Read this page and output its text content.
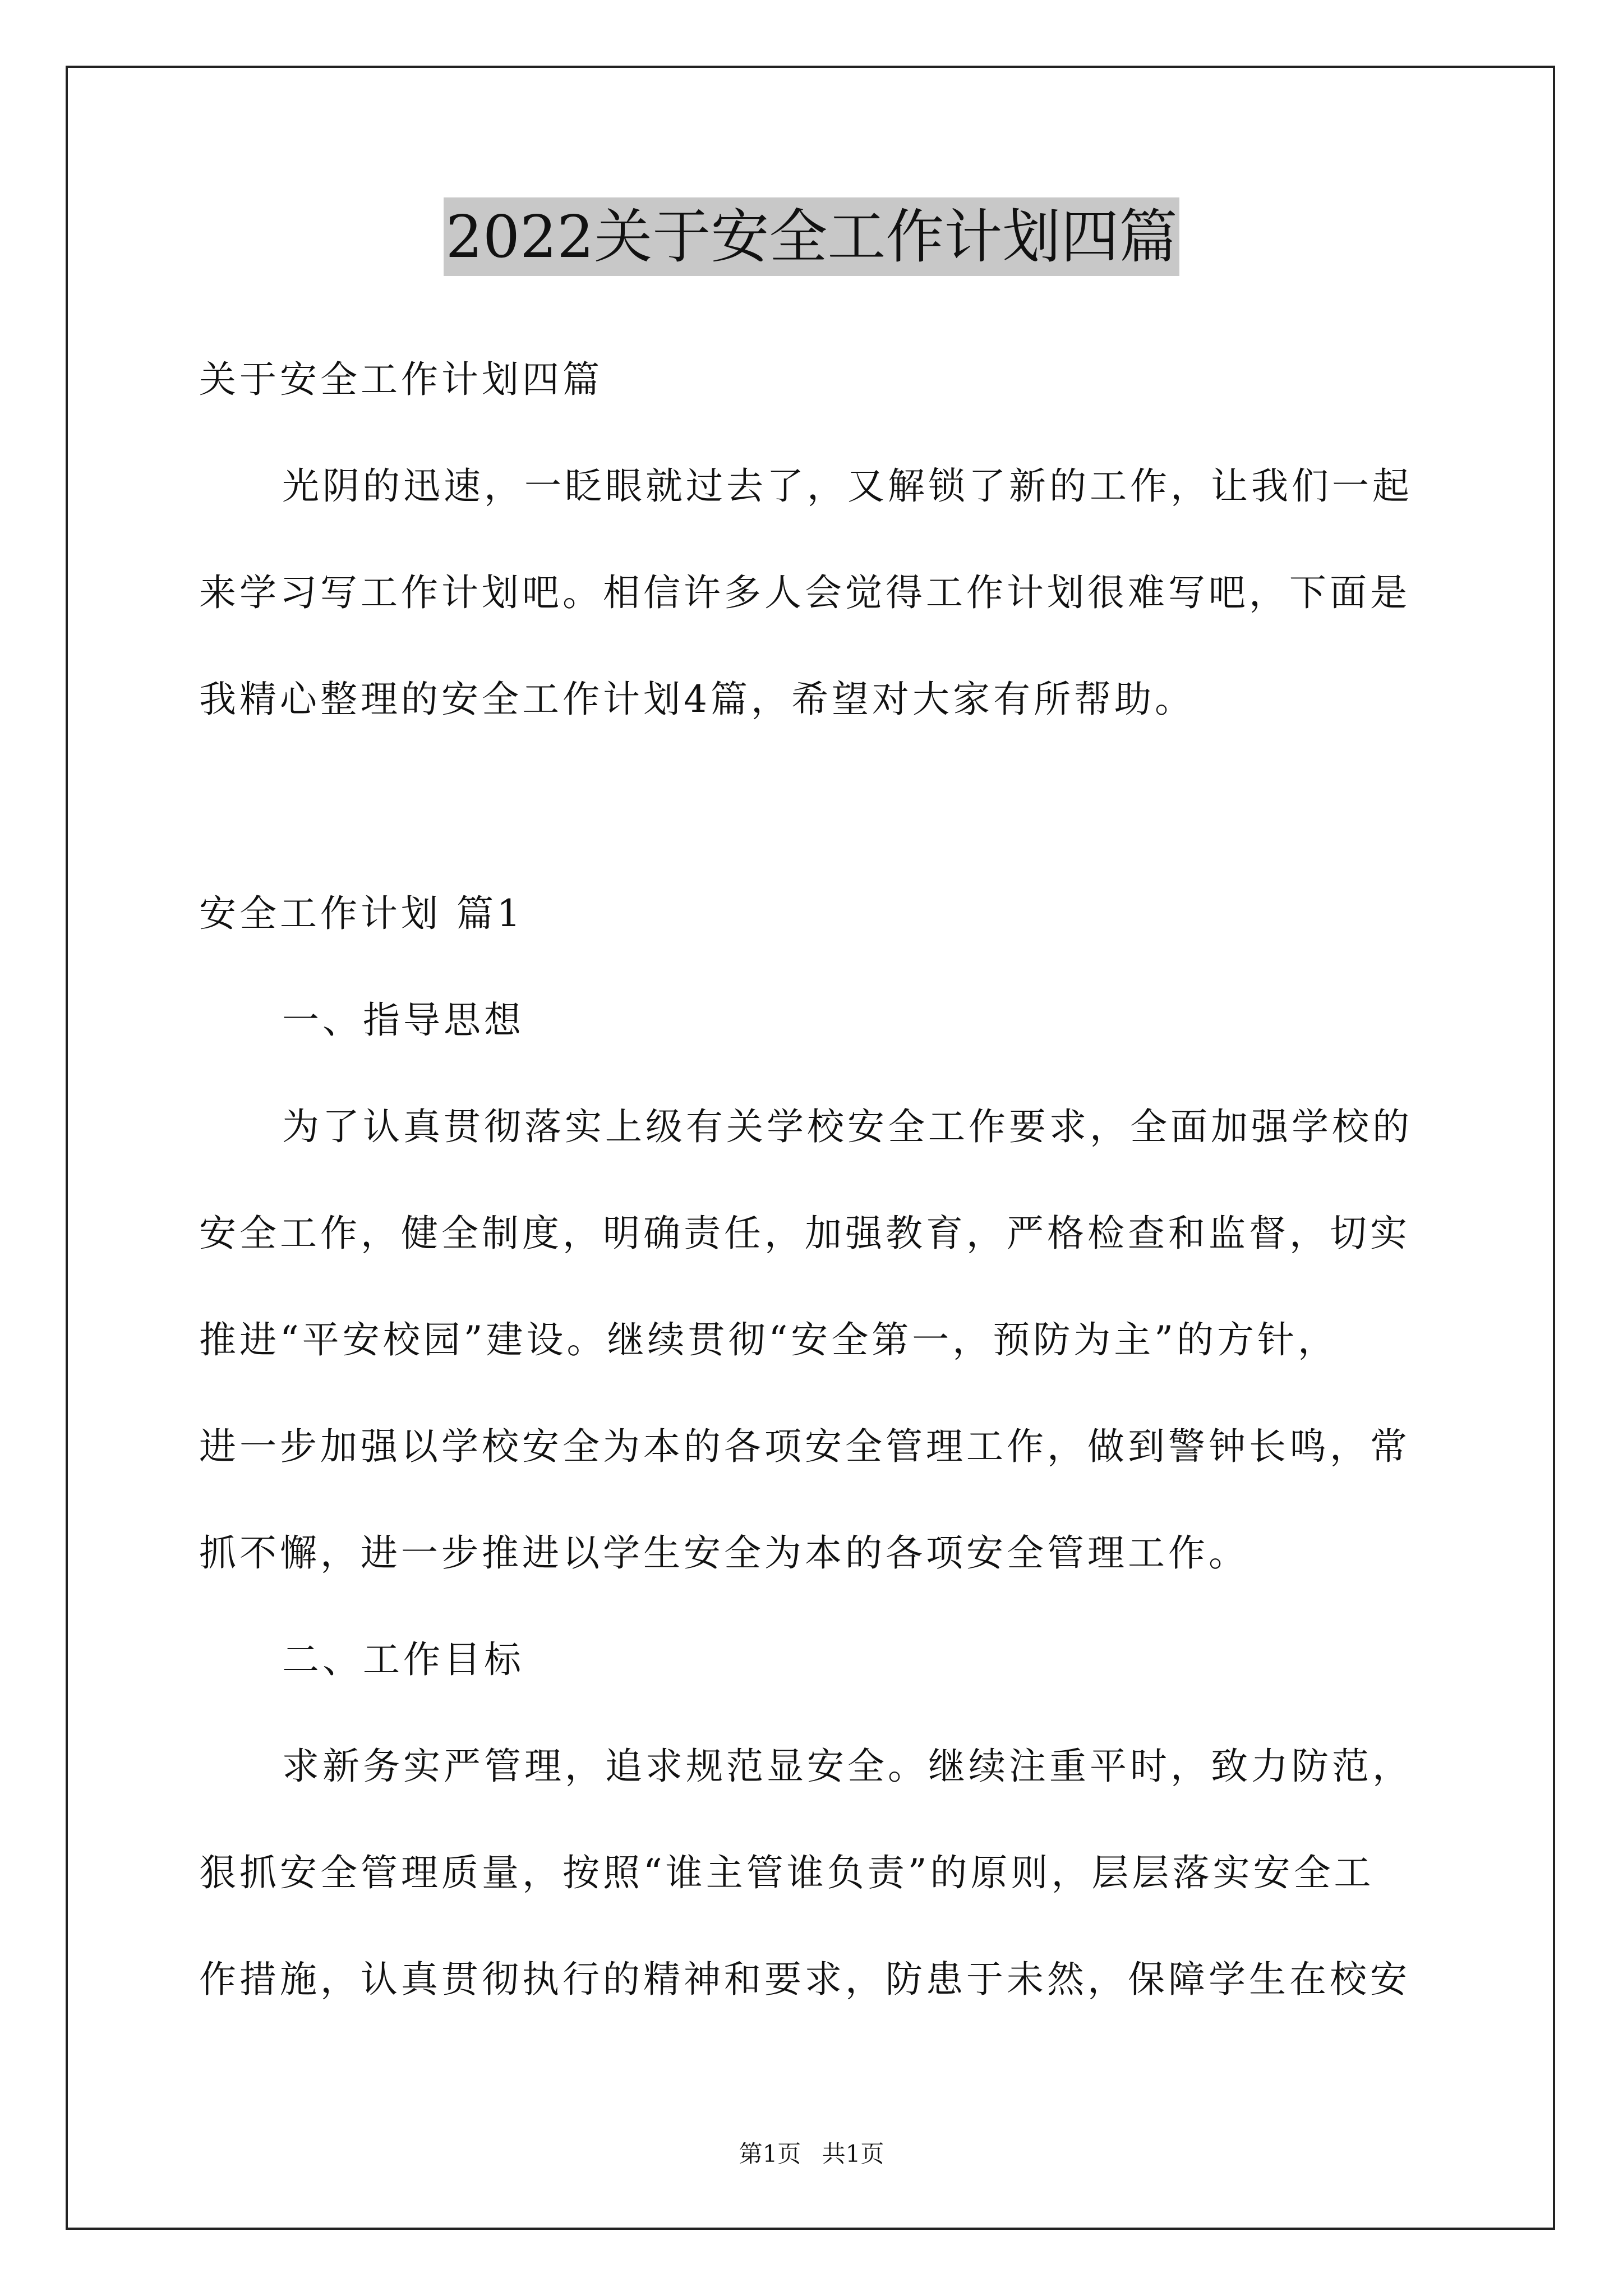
2022关于安全工作计划四篇
关于安全工作计划四篇
光阴的迅速，一眨眼就过去了，又解锁了新的工作，让我们一起
来学习写工作计划吧。相信许多人会觉得工作计划很难写吧，下面是
我精心整理的安全工作计划4篇，希望对大家有所帮助。
安全工作计划 篇1
一、指导思想
为了认真贯彻落实上级有关学校安全工作要求，全面加强学校的
安全工作，健全制度，明确责任，加强教育，严格检查和监督，切实
推进“平安校园”建设。继续贯彻“安全第一，预防为主”的方针，
进一步加强以学校安全为本的各项安全管理工作，做到警钟长鸣，常
抓不懈，进一步推进以学生安全为本的各项安全管理工作。
二、工作目标
求新务实严管理，追求规范显安全。继续注重平时，致力防范，
狠抓安全管理质量，按照“谁主管谁负责”的原则，层层落实安全工
作措施，认真贯彻执行的精神和要求，防患于未然，保障学生在校安
第1页 共1页
